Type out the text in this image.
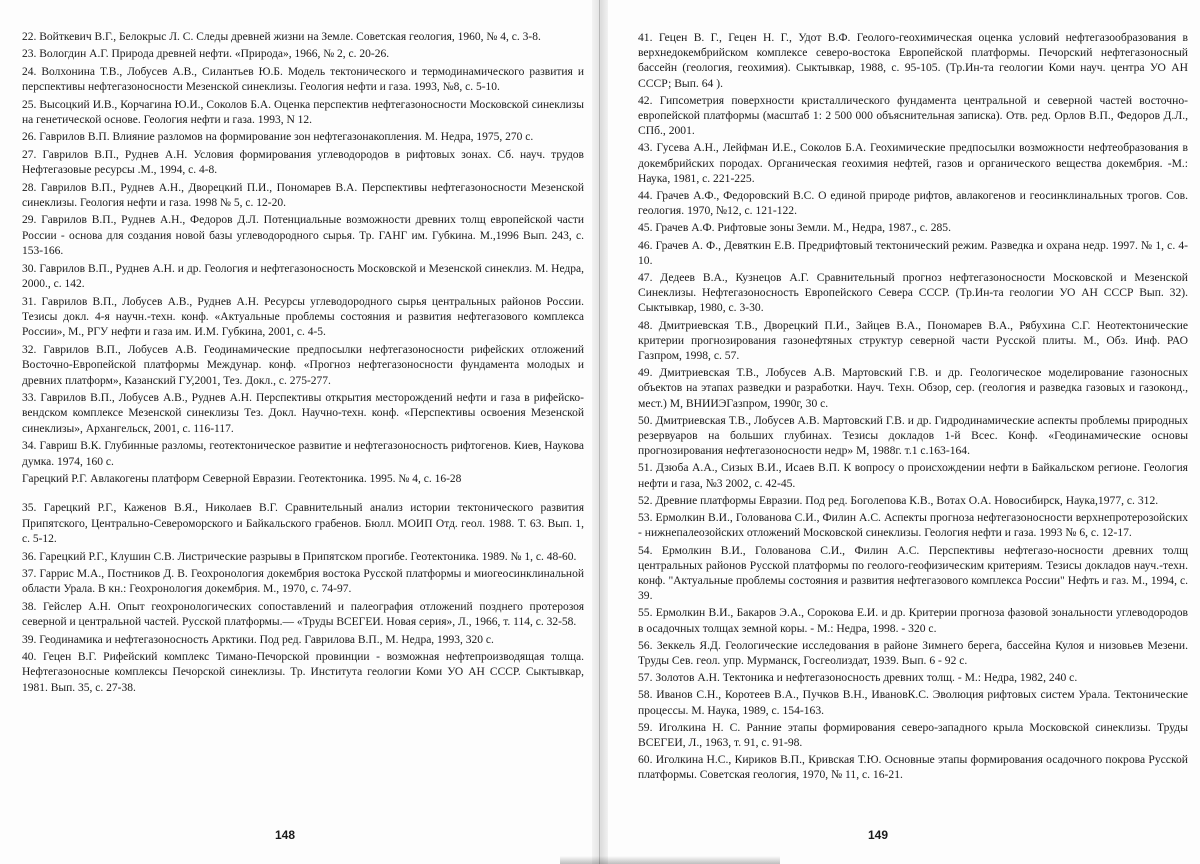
22. Войткевич В.Г., Белокрыс Л. С. Следы древней жизни на Земле. Советская геология, 1960, № 4, с. 3-8.
23. Вологдин А.Г. Природа древней нефти. «Природа», 1966, № 2, с. 20-26.
24. Волхонина Т.В., Лобусев А.В., Силантьев Ю.Б. Модель тектонического и термодинамического развития и перспективы нефтегазоносности Мезенской синеклизы. Геология нефти и газа. 1993, №8, с. 5-10.
25. Высоцкий И.В., Корчагина Ю.И., Соколов Б.А. Оценка перспектив нефтегазоносности Московской синеклизы на генетической основе. Геология нефти и газа. 1993, N 12.
26. Гаврилов В.П. Влияние разломов на формирование зон нефтегазонакопления. М. Недра, 1975, 270 с.
27. Гаврилов В.П., Руднев А.Н. Условия формирования углеводородов в рифтовых зонах. Сб. науч. трудов Нефтегазовые ресурсы .М., 1994, с. 4-8.
28. Гаврилов В.П., Руднев А.Н., Дворецкий П.И., Пономарев В.А. Перспективы нефтегазоносности Мезенской синеклизы. Геология нефти и газа. 1998 № 5, с. 12-20.
29. Гаврилов В.П., Руднев А.Н., Федоров Д.Л. Потенциальные возможности древних толщ европейской части России - основа для создания новой базы углеводородного сырья. Тр. ГАНГ им. Губкина. М.,1996 Вып. 243, с. 153-166.
30. Гаврилов В.П., Руднев А.Н. и др. Геология и нефтегазоносность Московской и Мезенской синеклиз. М. Недра, 2000., с. 142.
31. Гаврилов В.П., Лобусев А.В., Руднев А.Н. Ресурсы углеводородного сырья центральных районов России. Тезисы докл. 4-я научн.-техн. конф. «Актуальные проблемы состояния и развития нефтегазового комплекса России», М., РГУ нефти и газа им. И.М. Губкина, 2001, с. 4-5.
32. Гаврилов В.П., Лобусев А.В. Геодинамические предпосылки нефтегазоносности рифейских отложений Восточно-Европейской платформы Междунар. конф. «Прогноз нефтегазоносности фундамента молодых и древних платформ», Казанский ГУ,2001, Тез. Докл., с. 275-277.
33. Гаврилов В.П., Лобусев А.В., Руднев А.Н. Перспективы открытия месторождений нефти и газа в рифейско-вендском комплексе Мезенской синеклизы Тез. Докл. Научно-техн. конф. «Перспективы освоения Мезенской синеклизы», Архангельск, 2001, с. 116-117.
34. Гавриш В.К. Глубинные разломы, геотектоническое развитие и нефтегазоносность рифтогенов. Киев, Наукова думка. 1974, 160 с.
Гарецкий Р.Г. Авлакогены платформ Северной Евразии. Геотектоника. 1995. № 4, с. 16-28
35. Гарецкий Р.Г., Каженов В.Я., Николаев В.Г. Сравнительный анализ истории тектонического развития Припятского, Центрально-Североморского и Байкальского грабенов. Бюлл. МОИП Отд. геол. 1988. Т. 63. Вып. 1, с. 5-12.
36. Гарецкий Р.Г., Клушин С.В. Листрические разрывы в Припятском прогибе. Геотектоника. 1989. № 1, с. 48-60.
37. Гаррис М.А., Постников Д. В. Геохронология докембрия востока Русской платформы и миогеосинклинальной области Урала. В кн.: Геохронология докембрия. М., 1970, с. 74-97.
38. Гейслер А.Н. Опыт геохронологических сопоставлений и палеография отложений позднего протерозоя северной и центральной частей. Русской платформы.— «Труды ВСЕГЕИ. Новая серия», Л., 1966, т. 114, с. 32-58.
39. Геодинамика и нефтегазоносность Арктики. Под ред. Гаврилова В.П., М. Недра, 1993, 320 с.
40. Гецен В.Г. Рифейский комплекс Тимано-Печорской провинции - возможная нефтепроизводящая толща. Нефтегазоносные комплексы Печорской синеклизы. Тр. Института геологии Коми УО АН СССР. Сыктывкар, 1981. Вып. 35, с. 27-38.
148
41. Гецен В. Г., Гецен Н. Г., Удот В.Ф. Геолого-геохимическая оценка условий нефтегазообразования в верхнедокембрийском комплексе северо-востока Европейской платформы. Печорский нефтегазоносный бассейн (геология, геохимия). Сыктывкар, 1988, с. 95-105. (Тр.Ин-та геологии Коми науч. центра УО АН СССР; Вып. 64 ).
42. Гипсометрия поверхности кристаллического фундамента центральной и северной частей восточно-европейской платформы (масштаб 1: 2 500 000 объяснительная записка). Отв. ред. Орлов В.П., Федоров Д.Л., СПб., 2001.
43. Гусева А.Н., Лейфман И.Е., Соколов Б.А. Геохимические предпосылки возможности нефтеобразования в докембрийских породах. Органическая геохимия нефтей, газов и органического вещества докембрия. -М.: Наука, 1981, с. 221-225.
44. Грачев А.Ф., Федоровский В.С. О единой природе рифтов, авлакогенов и геосинклинальных трогов. Сов. геология. 1970, №12, с. 121-122.
45. Грачев А.Ф. Рифтовые зоны Земли. М., Недра, 1987., с. 285.
46. Грачев А. Ф., Девяткин Е.В. Предрифтовый тектонический режим. Разведка и охрана недр. 1997. № 1, с. 4-10.
47. Дедеев В.А., Кузнецов А.Г. Сравнительный прогноз нефтегазоносности Московской и Мезенской Синеклизы. Нефтегазоносность Европейского Севера СССР. (Тр.Ин-та геологии УО АН СССР Вып. 32). Сыктывкар, 1980, с. 3-30.
48. Дмитриевская Т.В., Дворецкий П.И., Зайцев В.А., Пономарев В.А., Рябухина С.Г. Неотектонические критерии прогнозирования газонефтяных структур северной части Русской плиты. М., Обз. Инф. РАО Газпром, 1998, с. 57.
49. Дмитриевская Т.В., Лобусев А.В. Мартовский Г.В. и др. Геологическое моделирование газоносных объектов на этапах разведки и разработки. Науч. Техн. Обзор, сер. (геология и разведка газовых и газоконд., мест.) М, ВНИИЭГазпром, 1990г, 30 с.
50. Дмитриевская Т.В., Лобусев А.В. Мартовский Г.В. и др. Гидродинамические аспекты проблемы природных резервуаров на больших глубинах. Тезисы докладов 1-й Всес. Конф. «Геодинамические основы прогнозирования нефтегазоносности недр» М, 1988г. т.1 с.163-164.
51. Дзюба А.А., Сизых В.И., Исаев В.П. К вопросу о происхождении нефти в Байкальском регионе. Геология нефти и газа, №3 2002, с. 42-45.
52. Древние платформы Евразии. Под ред. Боголепова К.В., Вотах О.А. Новосибирск, Наука,1977, с. 312.
53. Ермолкин В.И., Голованова С.И., Филин А.С. Аспекты прогноза нефтегазоносности верхнепротерозойских - нижнепалеозойских отложений Московской синеклизы. Геология нефти и газа. 1993 № 6, с. 12-17.
54. Ермолкин В.И., Голованова С.И., Филин А.С. Перспективы нефтегазо-носности древних толщ центральных районов Русской платформы по геолого-геофизическим критериям. Тезисы докладов науч.-техн. конф. "Актуальные проблемы состояния и развития нефтегазового комплекса России" Нефть и газ. М., 1994, с. 39.
55. Ермолкин В.И., Бакаров Э.А., Сорокова Е.И. и др. Критерии прогноза фазовой зональности углеводородов в осадочных толщах земной коры. - М.: Недра, 1998. - 320 с.
56. Зеккель Я.Д. Геологические исследования в районе Зимнего берега, бассейна Кулоя и низовьев Мезени. Труды Сев. геол. упр. Мурманск, Госгеолиздат, 1939. Вып. 6 - 92 с.
57. Золотов А.Н. Тектоника и нефтегазоносность древних толщ. - М.: Недра, 1982, 240 с.
58. Иванов С.Н., Коротеев В.А., Пучков В.Н., ИвановК.С. Эволюция рифтовых систем Урала. Тектонические процессы. М. Наука, 1989, с. 154-163.
59. Иголкина Н. С. Ранние этапы формирования северо-западного крыла Московской синеклизы. Труды ВСЕГЕИ, Л., 1963, т. 91, с. 91-98.
60. Иголкина Н.С., Кириков В.П., Кривская Т.Ю. Основные этапы формирования осадочного покрова Русской платформы. Советская геология, 1970, № 11, с. 16-21.
149
